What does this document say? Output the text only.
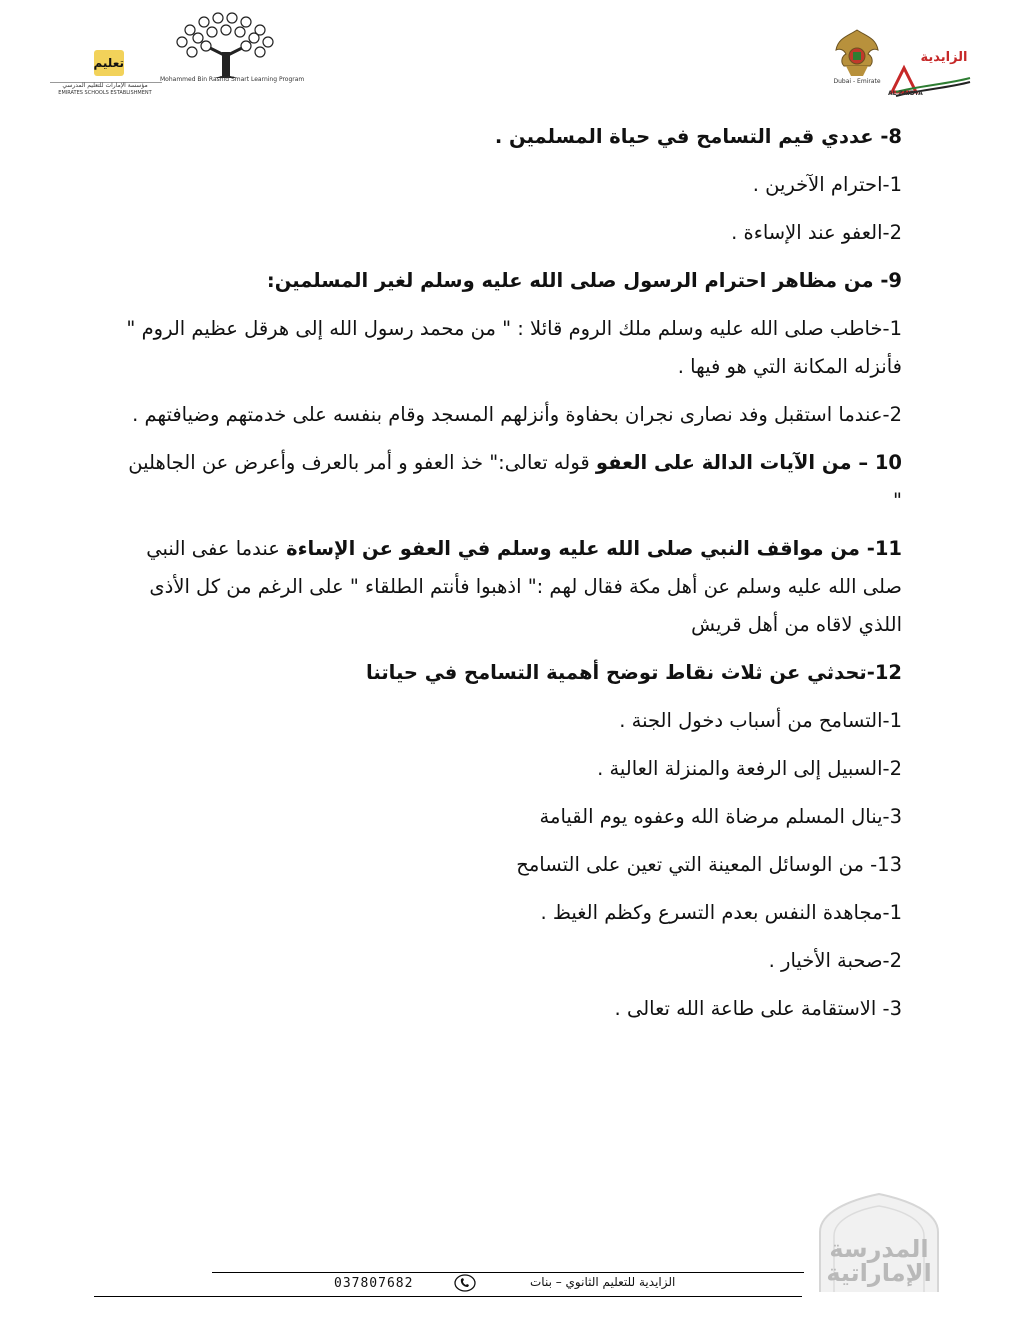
تعليم
مؤسسة الإمارات للتعليم المدرسي
EMIRATES SCHOOLS ESTABLISHMENT
Mohammed Bin Rashid Smart Learning Program	Dubai - Emirate
الزايدية
AL ZAIDYA

8- عددي قيم التسامح في حياة المسلمين .

1-احترام الآخرين .

2-العفو عند الإساءة .

9- من مظاهر احترام الرسول صلى الله عليه وسلم لغير المسلمين:

1-خاطب صلى الله عليه وسلم ملك الروم قائلا : " من محمد رسول الله إلى هرقل عظيم الروم " فأنزله المكانة التي هو فيها .

2-عندما استقبل وفد نصارى نجران بحفاوة وأنزلهم المسجد وقام بنفسه على خدمتهم وضيافتهم .

10 – من الآيات الدالة على العفو قوله تعالى:" خذ العفو و أمر بالعرف وأعرض عن الجاهلين "

11- من مواقف النبي صلى الله عليه وسلم في العفو عن الإساءة عندما عفى النبي صلى الله عليه وسلم عن أهل مكة فقال لهم :" اذهبوا فأنتم الطلقاء " على الرغم من كل الأذى اللذي لاقاه من أهل قريش

12-تحدثي عن ثلاث نقاط توضح أهمية التسامح في حياتنا

1-التسامح من أسباب دخول الجنة .

2-السبيل إلى الرفعة والمنزلة العالية .

3-ينال المسلم مرضاة الله وعفوه يوم القيامة

13- من الوسائل المعينة التي تعين على التسامح

1-مجاهدة النفس بعدم التسرع وكظم الغيظ .

2-صحبة الأخيار .

3- الاستقامة على طاعة الله تعالى .

المدرسة
الإماراتية
037807682	الزايدية للتعليم الثانوي – بنات
